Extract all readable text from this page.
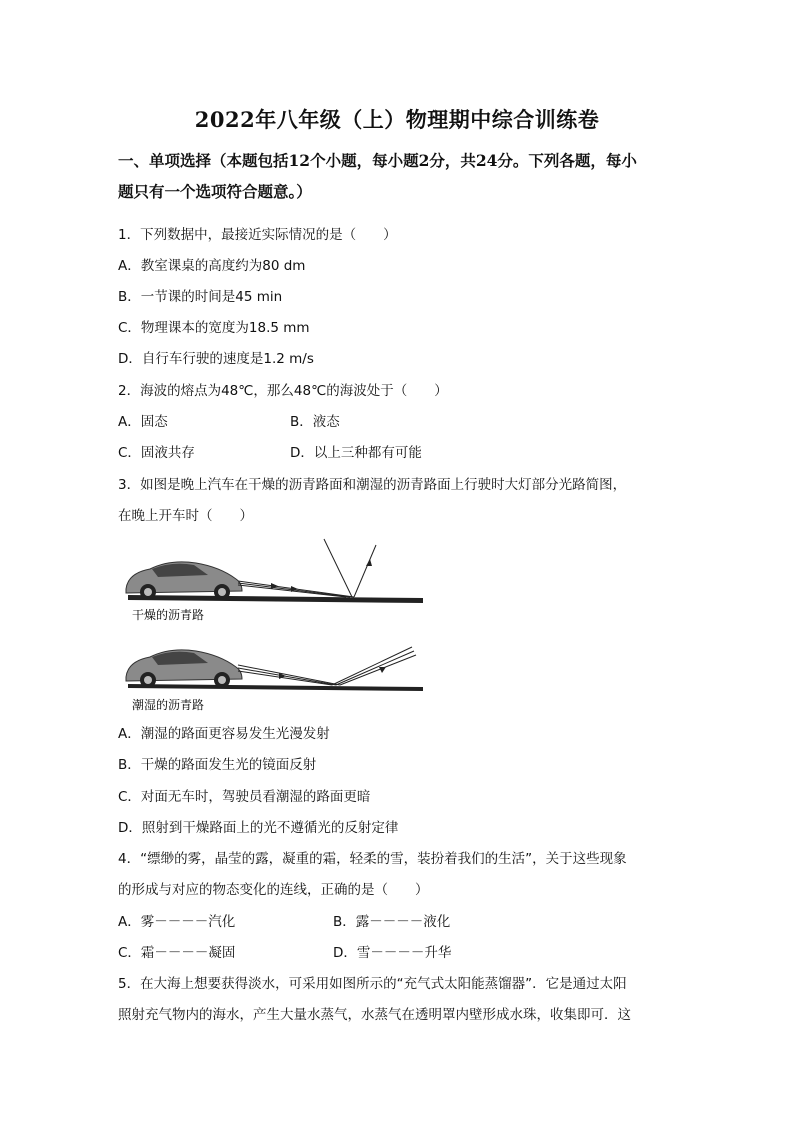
2022年八年级（上）物理期中综合训练卷
一、单项选择（本题包括12个小题，每小题2分，共24分。下列各题，每小
题只有一个选项符合题意。）
1．下列数据中，最接近实际情况的是（　　）
A．教室课桌的高度约为80 dm
B．一节课的时间是45 min
C．物理课本的宽度为18.5 mm
D．自行车行驶的速度是1.2 m/s
2．海波的熔点为48℃，那么48℃的海波处于（　　）
A．固态	B．液态
C．固液共存	D．以上三种都有可能
3．如图是晚上汽车在干燥的沥青路面和潮湿的沥青路面上行驶时大灯部分光路简图，
在晚上开车时（　　）
干燥的沥青路
潮湿的沥青路
A．潮湿的路面更容易发生光漫发射
B．干燥的路面发生光的镜面反射
C．对面无车时，驾驶员看潮湿的路面更暗
D．照射到干燥路面上的光不遵循光的反射定律
4．“缥缈的雾，晶莹的露，凝重的霜，轻柔的雪，装扮着我们的生活”，关于这些现象
的形成与对应的物态变化的连线，正确的是（　　）
A．雾－－－－汽化	B．露－－－－液化
C．霜－－－－凝固	D．雪－－－－升华
5．在大海上想要获得淡水，可采用如图所示的“充气式太阳能蒸馏器”．它是通过太阳
照射充气物内的海水，产生大量水蒸气，水蒸气在透明罩内壁形成水珠，收集即可．这
